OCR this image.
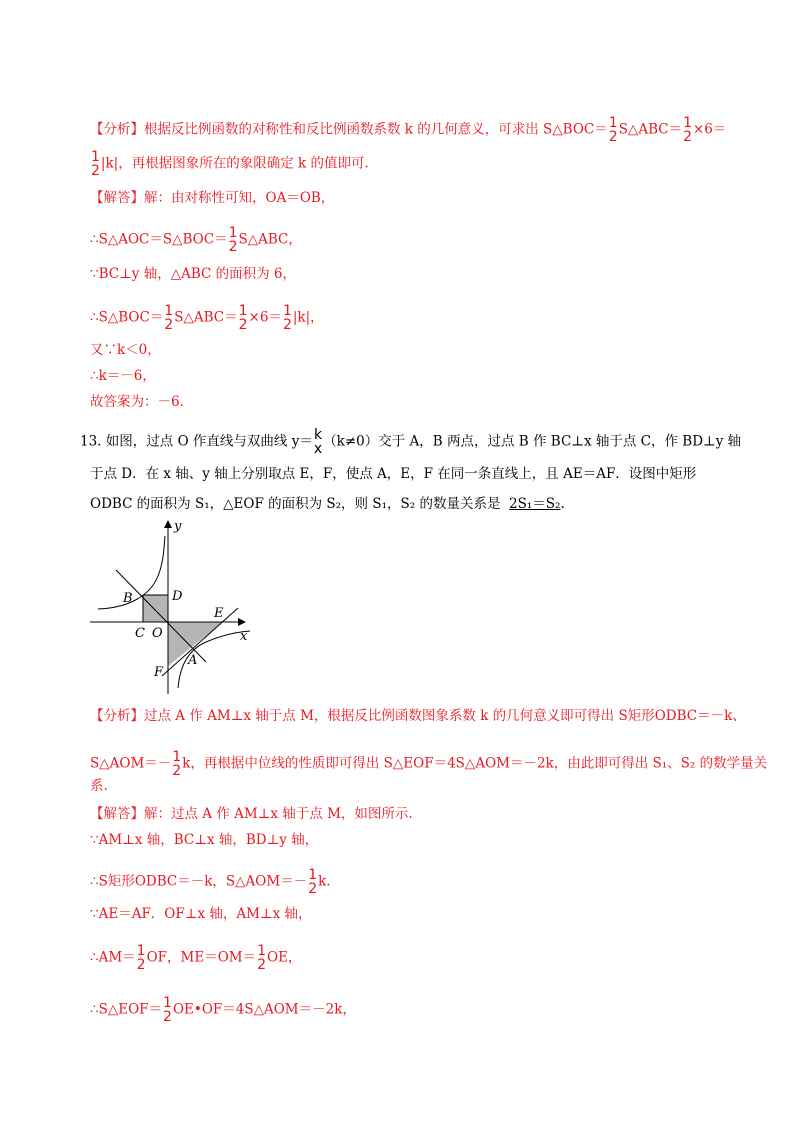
【分析】根据反比例函数的对称性和反比例函数系数 k 的几何意义，可求出 S△BOC＝ 1
2 S△ABC＝ 1
2 ×6＝
1
2 |k|，再根据图象所在的象限确定 k 的值即可.
【解答】解：由对称性可知，OA＝OB，
∴S△AOC＝S△BOC＝ 1
2 S△ABC，
∵BC⊥y 轴，△ABC 的面积为 6，
∴S△BOC＝ 1
2 S△ABC＝ 1
2 ×6＝ 1
2 |k|，
又∵k＜0，
∴k＝－6，
故答案为：－6.
13. 如图，过点 O 作直线与双曲线 y＝ k
x （k≠0）交于 A，B 两点，过点 B 作 BC⊥x 轴于点 C，作 BD⊥y 轴
于点 D．在 x 轴、y 轴上分别取点 E，F，使点 A，E，F 在同一条直线上，且 AE＝AF．设图中矩形
ODBC 的面积为 S₁，△EOF 的面积为 S₂，则 S₁，S₂ 的数量关系是 2S₁＝S₂.
y
x
B	D
C O
E
F
A
【分析】过点 A 作 AM⊥x 轴于点 M，根据反比例函数图象系数 k 的几何意义即可得出 S矩形ODBC＝－k、
S△AOM＝－ 1
2 k，再根据中位线的性质即可得出 S△EOF＝4S△AOM＝－2k，由此即可得出 S₁、S₂ 的数学量关
系.
【解答】解：过点 A 作 AM⊥x 轴于点 M，如图所示.
∵AM⊥x 轴，BC⊥x 轴，BD⊥y 轴，
∴S矩形ODBC＝－k，S△AOM＝－ 1
2 k.
∵AE＝AF．OF⊥x 轴，AM⊥x 轴，
∴AM＝ 1
2 OF，ME＝OM＝ 1
2 OE，
∴S△EOF＝ 1
2 OE•OF＝4S△AOM＝－2k，
